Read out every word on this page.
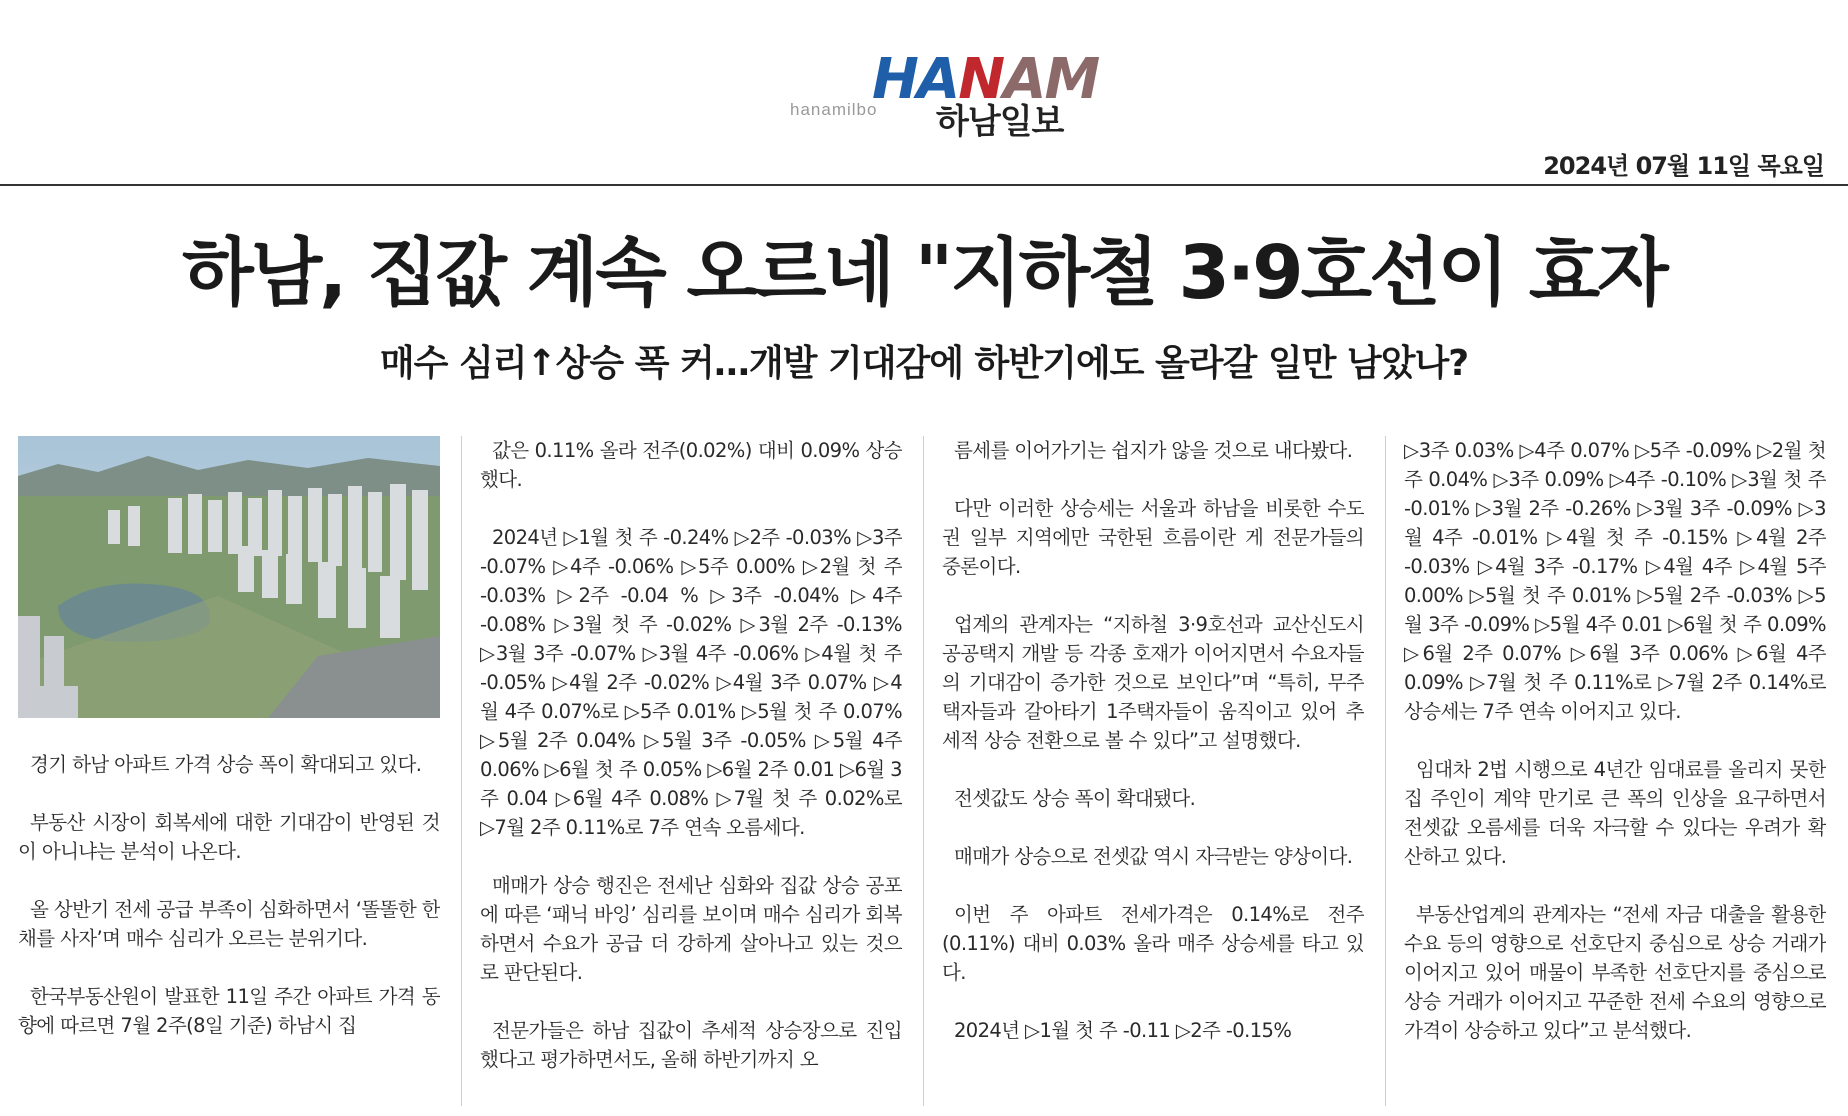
HANAM
hanamilbo 하남일보
2024년 07월 11일 목요일
하남, 집값 계속 오르네 "지하철 3·9호선이 효자
매수 심리↑상승 폭 커…개발 기대감에 하반기에도 올라갈 일만 남았나?

경기 하남 아파트 가격 상승 폭이 확대되고 있다.

부동산 시장이 회복세에 대한 기대감이 반영된 것이 아니냐는 분석이 나온다.

올 상반기 전세 공급 부족이 심화하면서 ‘똘똘한 한 채를 사자’며 매수 심리가 오르는 분위기다.

한국부동산원이 발표한 11일 주간 아파트 가격 동향에 따르면 7월 2주(8일 기준) 하남시 집

값은 0.11% 올라 전주(0.02%) 대비 0.09% 상승했다.

2024년 ▷1월 첫 주 -0.24% ▷2주 -0.03% ▷3주 -0.07% ▷4주 -0.06% ▷5주 0.00% ▷2월 첫 주 -0.03% ▷2주 -0.04 % ▷3주 -0.04% ▷4주 -0.08% ▷3월 첫 주 -0.02% ▷3월 2주 -0.13% ▷3월 3주 -0.07% ▷3월 4주 -0.06% ▷4월 첫 주 -0.05% ▷4월 2주 -0.02% ▷4월 3주 0.07% ▷4월 4주 0.07%로 ▷5주 0.01% ▷5월 첫 주 0.07% ▷5월 2주 0.04% ▷5월 3주 -0.05% ▷5월 4주 0.06% ▷6월 첫 주 0.05% ▷6월 2주 0.01 ▷6월 3주 0.04 ▷6월 4주 0.08% ▷7월 첫 주 0.02%로 ▷7월 2주 0.11%로 7주 연속 오름세다.

매매가 상승 행진은 전세난 심화와 집값 상승 공포에 따른 ‘패닉 바잉’ 심리를 보이며 매수 심리가 회복하면서 수요가 공급 더 강하게 살아나고 있는 것으로 판단된다.

전문가들은 하남 집값이 추세적 상승장으로 진입했다고 평가하면서도, 올해 하반기까지 오

름세를 이어가기는 쉽지가 않을 것으로 내다봤다.

다만 이러한 상승세는 서울과 하남을 비롯한 수도권 일부 지역에만 국한된 흐름이란 게 전문가들의 중론이다.

업계의 관계자는 “지하철 3·9호선과 교산신도시 공공택지 개발 등 각종 호재가 이어지면서 수요자들의 기대감이 증가한 것으로 보인다”며 “특히, 무주택자들과 갈아타기 1주택자들이 움직이고 있어 추세적 상승 전환으로 볼 수 있다”고 설명했다.

전셋값도 상승 폭이 확대됐다.

매매가 상승으로 전셋값 역시 자극받는 양상이다.

이번 주 아파트 전세가격은 0.14%로 전주(0.11%) 대비 0.03% 올라 매주 상승세를 타고 있다.

2024년 ▷1월 첫 주 -0.11 ▷2주 -0.15%

▷3주 0.03% ▷4주 0.07% ▷5주 -0.09% ▷2월 첫 주 0.04% ▷3주 0.09% ▷4주 -0.10% ▷3월 첫 주 -0.01% ▷3월 2주 -0.26% ▷3월 3주 -0.09% ▷3월 4주 -0.01% ▷4월 첫 주 -0.15% ▷4월 2주 -0.03% ▷4월 3주 -0.17% ▷4월 4주 ▷4월 5주 0.00% ▷5월 첫 주 0.01% ▷5월 2주 -0.03% ▷5월 3주 -0.09% ▷5월 4주 0.01 ▷6월 첫 주 0.09% ▷6월 2주 0.07% ▷6월 3주 0.06% ▷6월 4주 0.09% ▷7월 첫 주 0.11%로 ▷7월 2주 0.14%로 상승세는 7주 연속 이어지고 있다.

임대차 2법 시행으로 4년간 임대료를 올리지 못한 집 주인이 계약 만기로 큰 폭의 인상을 요구하면서 전셋값 오름세를 더욱 자극할 수 있다는 우려가 확산하고 있다.

부동산업계의 관계자는 “전세 자금 대출을 활용한 수요 등의 영향으로 선호단지 중심으로 상승 거래가 이어지고 있어 매물이 부족한 선호단지를 중심으로 상승 거래가 이어지고 꾸준한 전세 수요의 영향으로 가격이 상승하고 있다”고 분석했다.
